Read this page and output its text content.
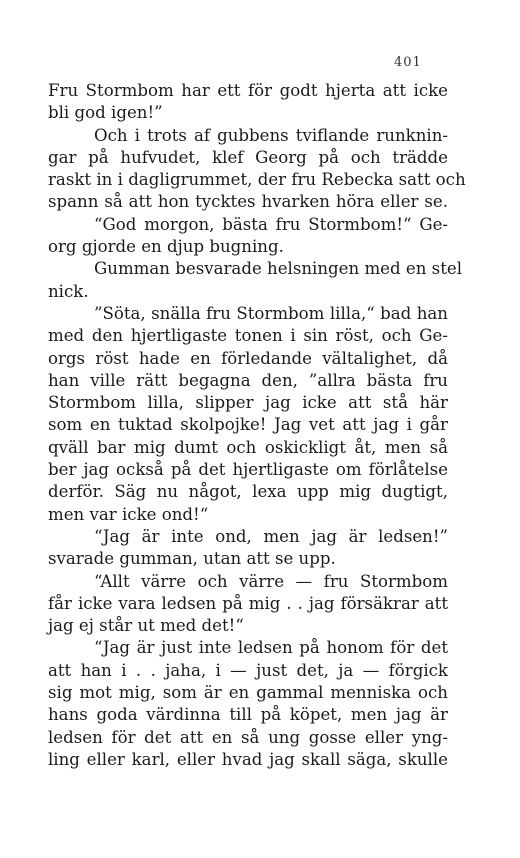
401
Fru Stormbom har ett för godt hjerta att icke
bli god igen!”
Och i trots af gubbens tviflande runknin-
gar på hufvudet, klef Georg på och trädde
raskt in i dagligrummet, der fru Rebecka satt och
spann så att hon tycktes hvarken höra eller se.
“God morgon, bästa fru Stormbom!“ Ge-
org gjorde en djup bugning.
Gumman besvarade helsningen med en stel
nick.
”Söta, snälla fru Stormbom lilla,“ bad han
med den hjertligaste tonen i sin röst, och Ge-
orgs röst hade en förledande vältalighet, då
han ville rätt begagna den, ”allra bästa fru
Stormbom lilla, slipper jag icke att stå här
som en tuktad skolpojke! Jag vet att jag i går
qväll bar mig dumt och oskickligt åt, men så
ber jag också på det hjertligaste om förlåtelse
derför. Säg nu något, lexa upp mig dugtigt,
men var icke ond!“
“Jag är inte ond, men jag är ledsen!”
svarade gumman, utan att se upp.
“Allt värre och värre — fru Stormbom
får icke vara ledsen på mig . . jag försäkrar att
jag ej står ut med det!“
“Jag är just inte ledsen på honom för det
att han i . . jaha, i — just det, ja — förgick
sig mot mig, som är en gammal menniska och
hans goda värdinna till på köpet, men jag är
ledsen för det att en så ung gosse eller yng-
ling eller karl, eller hvad jag skall säga, skulle
